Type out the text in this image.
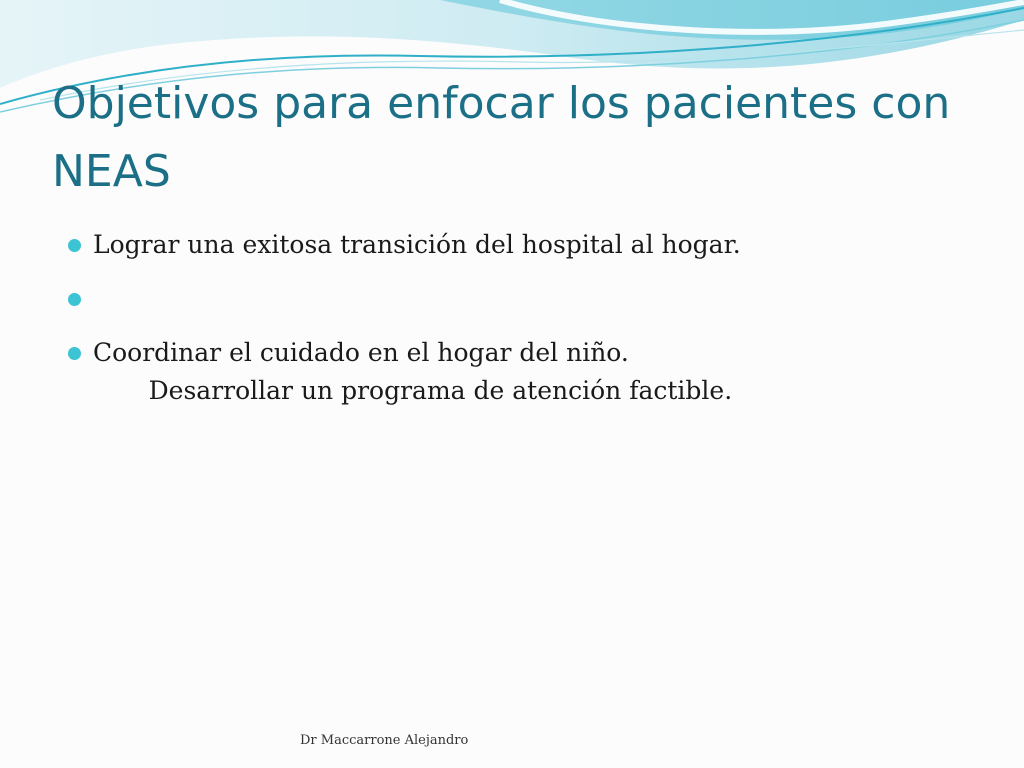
Objetivos para enfocar los pacientes con NEAS
Lograr una exitosa transición del hospital al hogar.

Desarrollar un programa de atención factible.

Coordinar el cuidado en el hogar del niño.
Dr Maccarrone Alejandro
